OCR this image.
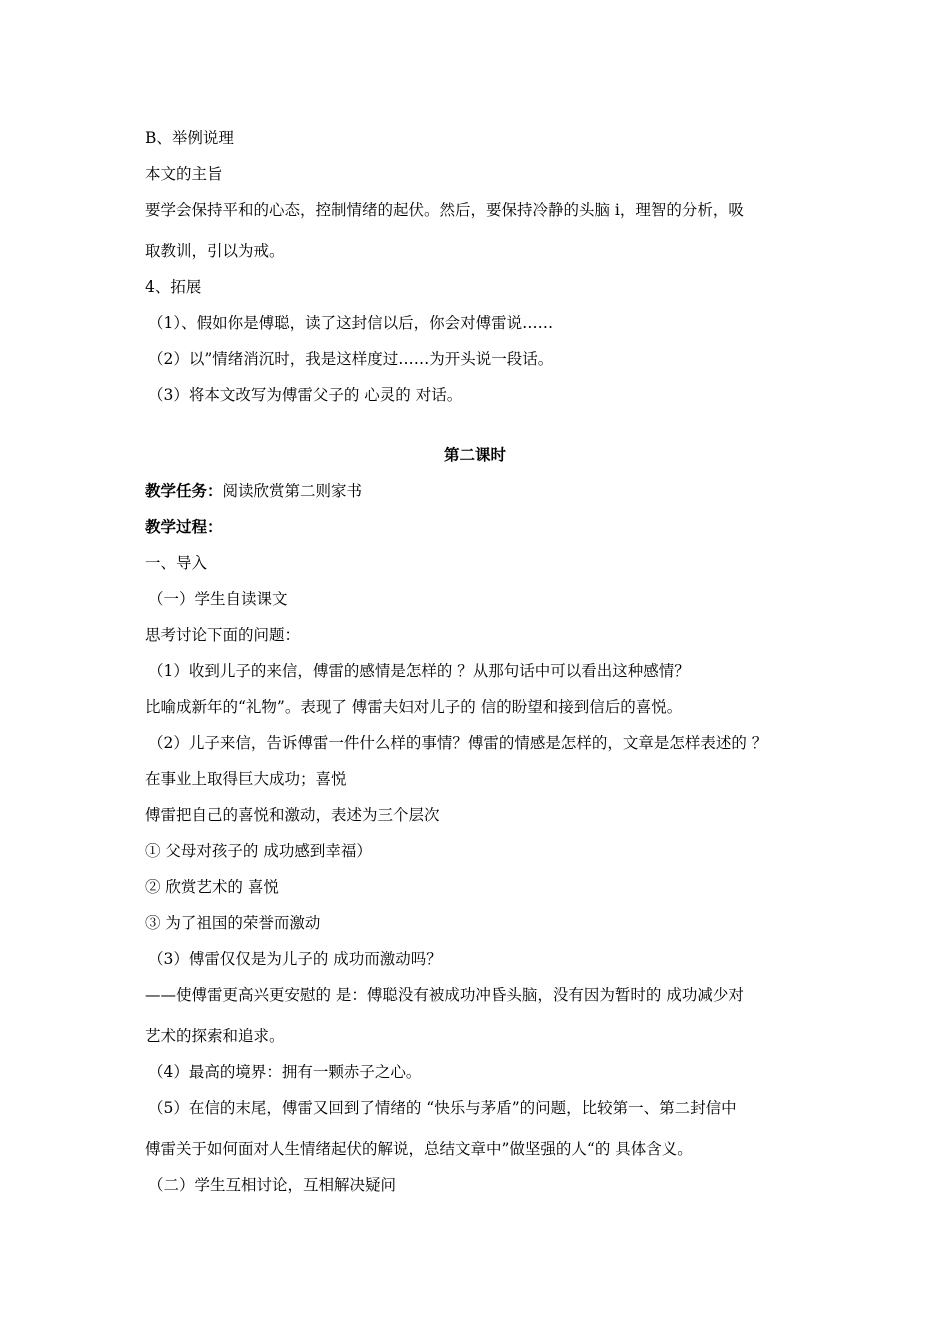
B、举例说理
本文的主旨
要学会保持平和的心态，控制情绪的起伏。然后，要保持冷静的头脑 i，理智的分析，吸
取教训，引以为戒。
4、拓展
（1）、假如你是傅聪，读了这封信以后，你会对傅雷说……
（2）以”情绪消沉时，我是这样度过……为开头说一段话。
（3）将本文改写为傅雷父子的 心灵的 对话。
第二课时
教学任务：阅读欣赏第二则家书
教学过程：
一、导入
（一）学生自读课文
思考讨论下面的问题：
（1）收到儿子的来信，傅雷的感情是怎样的 ？从那句话中可以看出这种感情？
比喻成新年的“礼物”。表现了 傅雷夫妇对儿子的 信的盼望和接到信后的喜悦。
（2）儿子来信，告诉傅雷一件什么样的事情？傅雷的情感是怎样的，文章是怎样表述的 ？
在事业上取得巨大成功；喜悦
傅雷把自己的喜悦和激动，表述为三个层次
① 父母对孩子的 成功感到幸福）
② 欣赏艺术的 喜悦
③ 为了祖国的荣誉而激动
（3）傅雷仅仅是为儿子的 成功而激动吗？
——使傅雷更高兴更安慰的 是：傅聪没有被成功冲昏头脑，没有因为暂时的 成功减少对
艺术的探索和追求。
（4）最高的境界：拥有一颗赤子之心。
（5）在信的末尾，傅雷又回到了情绪的 “快乐与茅盾”的问题，比较第一、第二封信中
傅雷关于如何面对人生情绪起伏的解说，总结文章中”做坚强的人“的 具体含义。
（二）学生互相讨论，互相解决疑问
